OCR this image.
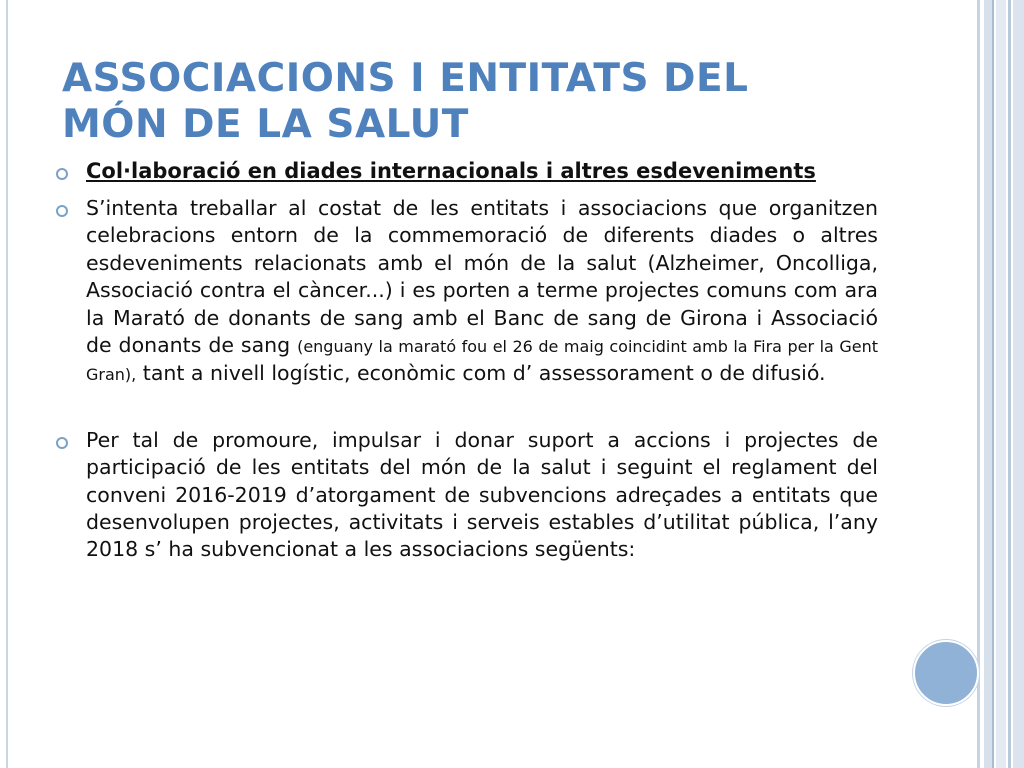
ASSOCIACIONS I ENTITATS DEL
MÓN DE LA SALUT
Col·laboració en diades internacionals i altres esdeveniments
S’intenta treballar al costat de les entitats i associacions que organitzen celebracions entorn de la commemoració de diferents diades o altres esdeveniments relacionats amb el món de la salut (Alzheimer, Oncolliga, Associació contra el càncer...) i es porten a terme projectes comuns com ara la Marató de donants de sang amb el Banc de sang de Girona i Associació de donants de sang (enguany la marató fou el 26 de maig coincidint amb la Fira per la Gent Gran), tant a nivell logístic, econòmic com d’ assessorament o de difusió.
Per tal de promoure, impulsar i donar suport a accions i projectes de participació de les entitats del món de la salut i seguint el reglament del conveni 2016-2019 d’atorgament de subvencions adreçades a entitats que desenvolupen projectes, activitats i serveis estables d’utilitat pública, l’any 2018 s’ ha subvencionat a les associacions següents:
